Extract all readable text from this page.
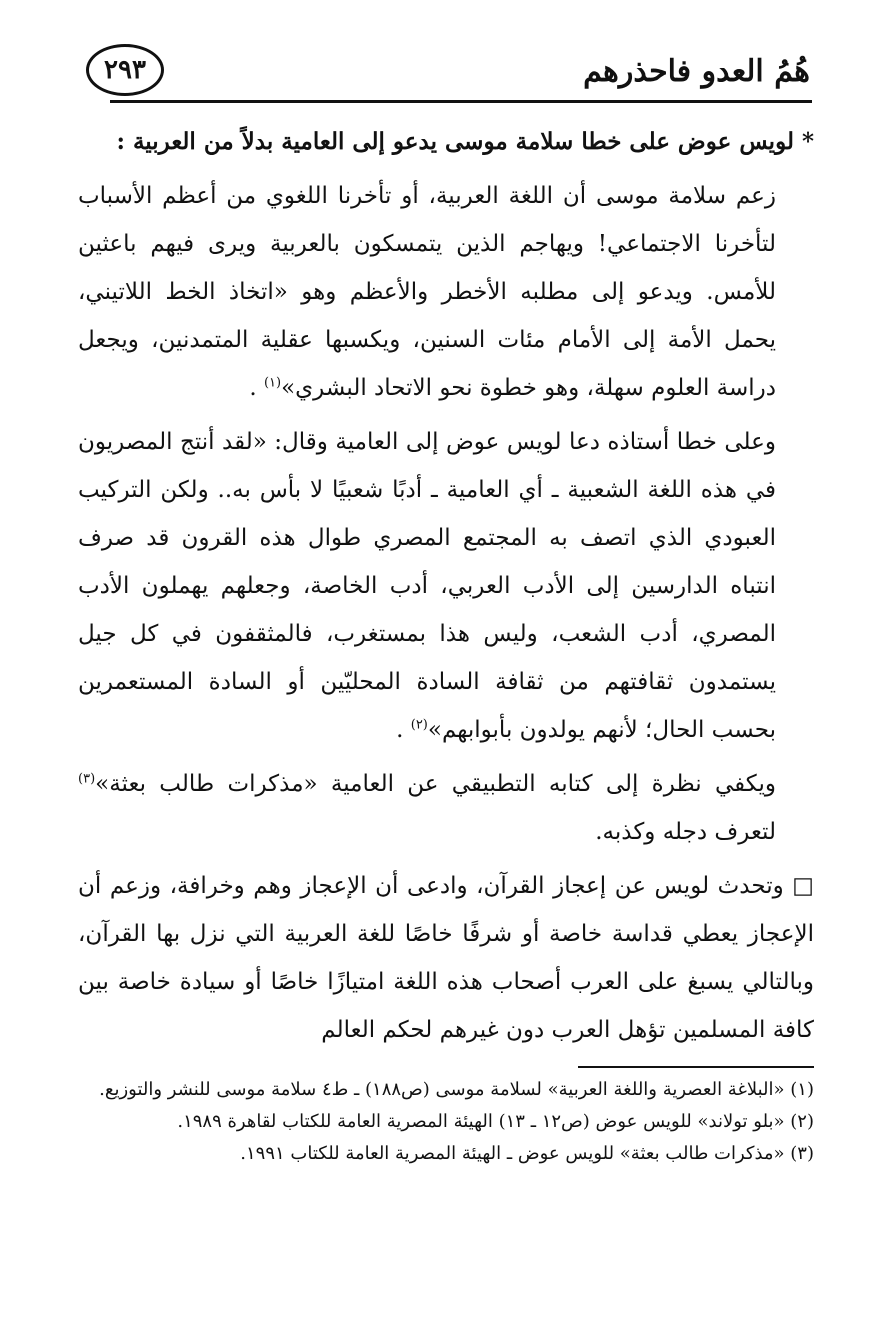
٢٩٣	هُمُ العدو فاحذرهم

* لويس عوض على خطا سلامة موسى يدعو إلى العامية بدلاً من العربية :

زعم سلامة موسى أن اللغة العربية، أو تأخرنا اللغوي من أعظم الأسباب لتأخرنا الاجتماعي! ويهاجم الذين يتمسكون بالعربية ويرى فيهم باعثين للأمس. ويدعو إلى مطلبه الأخطر والأعظم وهو «اتخاذ الخط اللاتيني، يحمل الأمة إلى الأمام مئات السنين، ويكسبها عقلية المتمدنين، ويجعل دراسة العلوم سهلة، وهو خطوة نحو الاتحاد البشري»$^{(١)}$ .

وعلى خطا أستاذه دعا لويس عوض إلى العامية وقال: «لقد أنتج المصريون في هذه اللغة الشعبية ـ أي العامية ـ أدبًا شعبيًا لا بأس به.. ولكن التركيب العبودي الذي اتصف به المجتمع المصري طوال هذه القرون قد صرف انتباه الدارسين إلى الأدب العربي، أدب الخاصة، وجعلهم يهملون الأدب المصري، أدب الشعب، وليس هذا بمستغرب، فالمثقفون في كل جيل يستمدون ثقافتهم من ثقافة السادة المحليّين أو السادة المستعمرين بحسب الحال؛ لأنهم يولدون بأبوابهم»$^{(٢)}$ .

ويكفي نظرة إلى كتابه التطبيقي عن العامية «مذكرات طالب بعثة»$^{(٣)}$ لتعرف دجله وكذبه.

□ وتحدث لويس عن إعجاز القرآن، وادعى أن الإعجاز وهم وخرافة، وزعم أن الإعجاز يعطي قداسة خاصة أو شرفًا خاصًا للغة العربية التي نزل بها القرآن، وبالتالي يسبغ على العرب أصحاب هذه اللغة امتيازًا خاصًا أو سيادة خاصة بين كافة المسلمين تؤهل العرب دون غيرهم لحكم العالم

(١) «البلاغة العصرية واللغة العربية» لسلامة موسى (ص١٨٨) ـ ط٤ سلامة موسى للنشر والتوزيع.

(٢) «بلو تولاند» للويس عوض (ص١٢ ـ ١٣) الهيئة المصرية العامة للكتاب لقاهرة ١٩٨٩.

(٣) «مذكرات طالب بعثة» للويس عوض ـ الهيئة المصرية العامة للكتاب ١٩٩١.
